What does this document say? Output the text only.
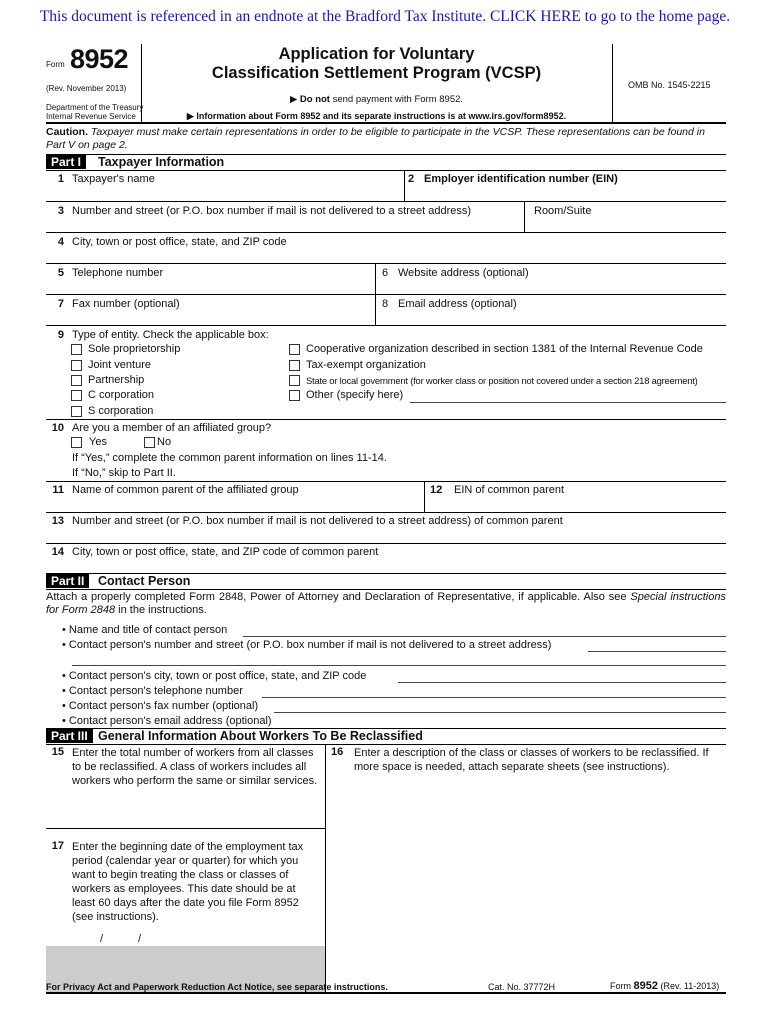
This document is referenced in an endnote at the Bradford Tax Institute. CLICK HERE to go to the home page.
Form 8952
(Rev. November 2013)
Department of the Treasury
Internal Revenue Service
Application for Voluntary
Classification Settlement Program (VCSP)
▶ Do not send payment with Form 8952.
▶ Information about Form 8952 and its separate instructions is at www.irs.gov/form8952.
OMB No. 1545-2215
Caution. Taxpayer must make certain representations in order to be eligible to participate in the VCSP. These representations can be found in Part V on page 2.
Part I	Taxpayer Information
1 Taxpayer's name	2 Employer identification number (EIN)
3 Number and street (or P.O. box number if mail is not delivered to a street address)	Room/Suite
4 City, town or post office, state, and ZIP code
5 Telephone number	6 Website address (optional)
7 Fax number (optional)	8 Email address (optional)
9 Type of entity. Check the applicable box:
Sole proprietorship
Joint venture
Partnership
C corporation
S corporation
Cooperative organization described in section 1381 of the Internal Revenue Code
Tax-exempt organization
State or local government (for worker class or position not covered under a section 218 agreement)
Other (specify here)
10 Are you a member of an affiliated group?
Yes	No
If “Yes,” complete the common parent information on lines 11-14.
If “No,” skip to Part II.
11 Name of common parent of the affiliated group	12 EIN of common parent
13 Number and street (or P.O. box number if mail is not delivered to a street address) of common parent
14 City, town or post office, state, and ZIP code of common parent
Part II	Contact Person
Attach a properly completed Form 2848, Power of Attorney and Declaration of Representative, if applicable. Also see Special instructions for Form 2848 in the instructions.
• Name and title of contact person
• Contact person's number and street (or P.O. box number if mail is not delivered to a street address)
• Contact person's city, town or post office, state, and ZIP code
• Contact person's telephone number
• Contact person's fax number (optional)
• Contact person's email address (optional)
Part III General Information About Workers To Be Reclassified
15 Enter the total number of workers from all classes to be reclassified. A class of workers includes all workers who perform the same or similar services.
16 Enter a description of the class or classes of workers to be reclassified. If more space is needed, attach separate sheets (see instructions).
17 Enter the beginning date of the employment tax period (calendar year or quarter) for which you want to begin treating the class or classes of workers as employees. This date should be at least 60 days after the date you file Form 8952 (see instructions).
/	/
For Privacy Act and Paperwork Reduction Act Notice, see separate instructions.	Cat. No. 37772H	Form 8952 (Rev. 11-2013)
